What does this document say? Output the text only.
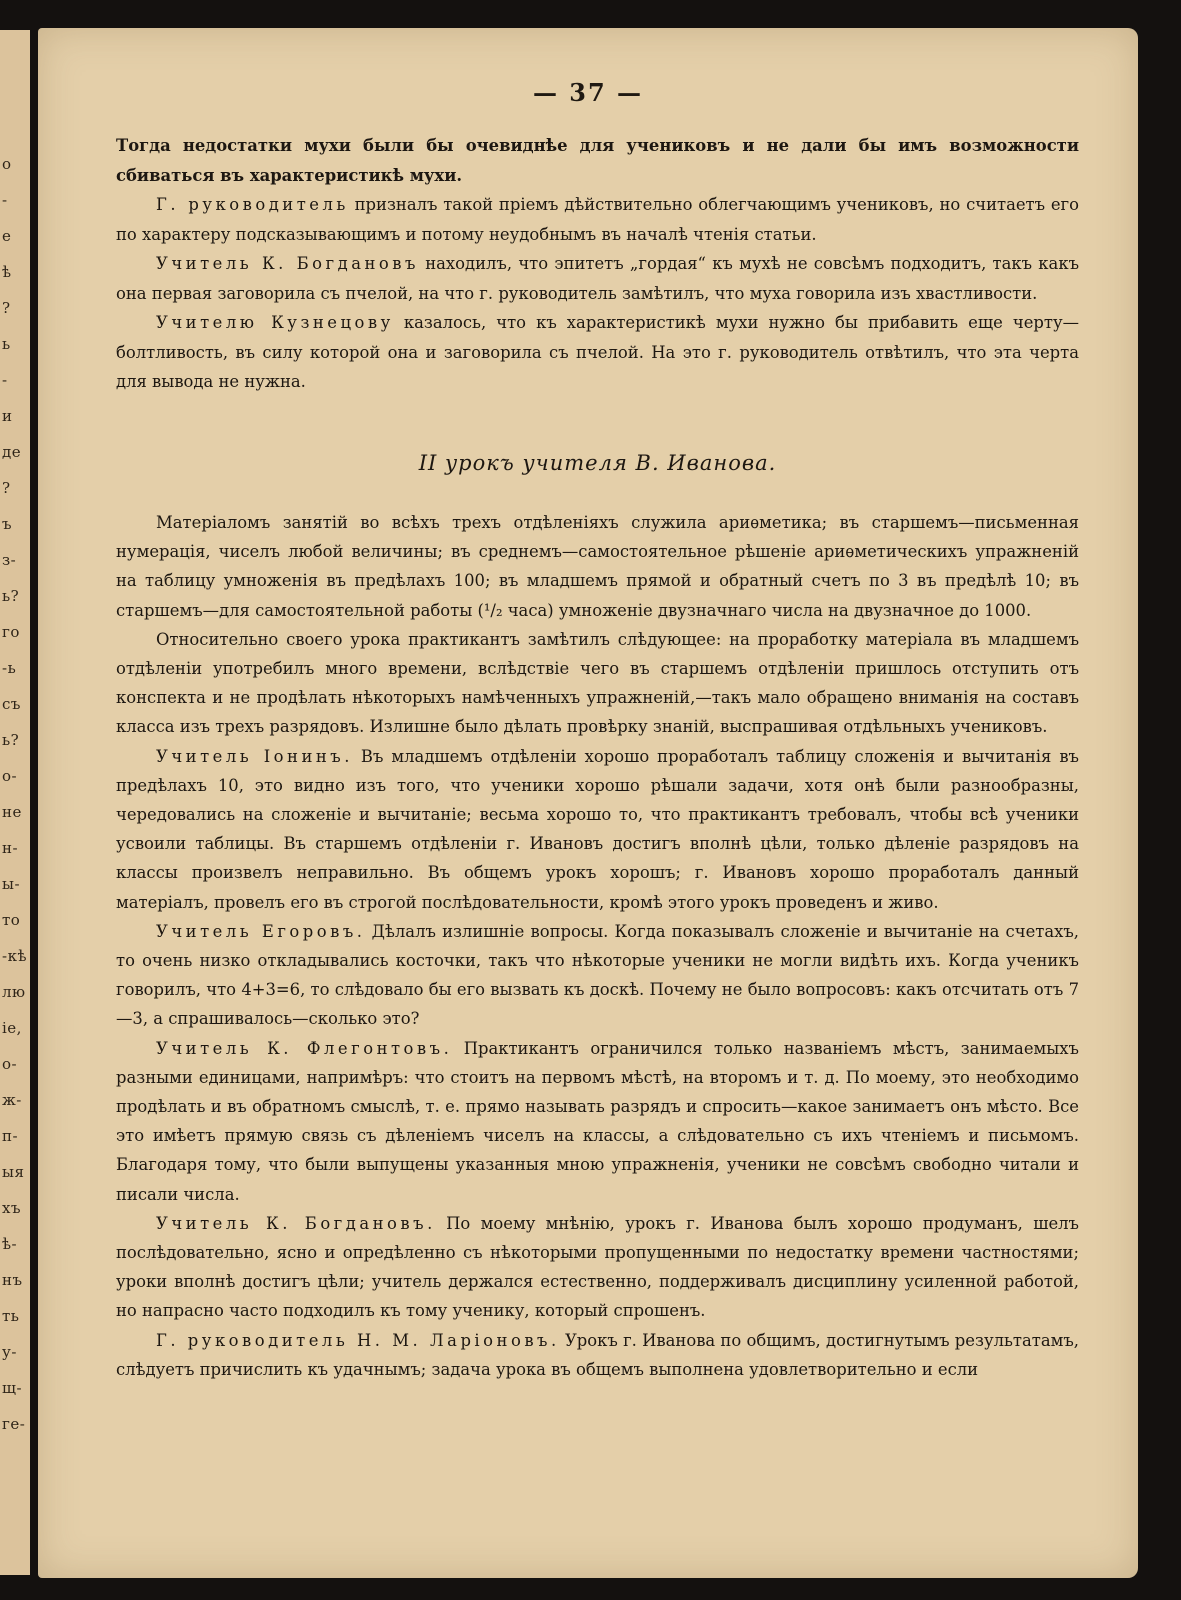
о
-
е
ѣ
?
ь
-
и
де
?
ъ
з-
ь?
го
-ь
съ
ь?
о-
не
н-
ы-
то
-кѣ
лю
ie,
о-
ж-
п-
ыя
хъ
ѣ-
нъ
ть
у-
щ-
ге-
— 37 —

Тогда недостатки мухи были бы очевиднѣе для учениковъ и не дали бы имъ возможности сбиваться въ характеристикѣ мухи.

Г. руководитель призналъ такой пріемъ дѣйствительно облегчающимъ учениковъ, но считаетъ его по характеру подсказывающимъ и потому неудобнымъ въ началѣ чтенія статьи.

Учитель К. Богдановъ находилъ, что эпитетъ „гордая“ къ мухѣ не совсѣмъ подходитъ, такъ какъ она первая заговорила съ пчелой, на что г. руководитель замѣтилъ, что муха говорила изъ хвастливости.

Учителю Кузнецову казалось, что къ характеристикѣ мухи нужно бы прибавить еще черту—болтливость, въ силу которой она и заговорила съ пчелой. На это г. руководитель отвѣтилъ, что эта черта для вывода не нужна.

II урокъ учителя В. Иванова.

Матеріаломъ занятій во всѣхъ трехъ отдѣленіяхъ служила ариѳметика; въ старшемъ—письменная нумерація, чиселъ любой величины; въ среднемъ—самостоятельное рѣшеніе ариѳметическихъ упражненій на таблицу умноженія въ предѣлахъ 100; въ младшемъ прямой и обратный счетъ по 3 въ предѣлѣ 10; въ старшемъ—для самостоятельной работы (¹/₂ часа) умноженіе двузначнаго числа на двузначное до 1000.

Относительно своего урока практикантъ замѣтилъ слѣдующее: на проработку матеріала въ младшемъ отдѣленіи употребилъ много времени, вслѣдствіе чего въ старшемъ отдѣленіи пришлось отступить отъ конспекта и не продѣлать нѣкоторыхъ намѣченныхъ упражненій,—такъ мало обращено вниманія на составъ класса изъ трехъ разрядовъ. Излишне было дѣлать провѣрку знаній, выспрашивая отдѣльныхъ учениковъ.

Учитель Іонинъ. Въ младшемъ отдѣленіи хорошо проработалъ таблицу сложенія и вычитанія въ предѣлахъ 10, это видно изъ того, что ученики хорошо рѣшали задачи, хотя онѣ были разнообразны, чередовались на сложеніе и вычитаніе; весьма хорошо то, что практикантъ требовалъ, чтобы всѣ ученики усвоили таблицы. Въ старшемъ отдѣленіи г. Ивановъ достигъ вполнѣ цѣли, только дѣленіе разрядовъ на классы произвелъ неправильно. Въ общемъ урокъ хорошъ; г. Ивановъ хорошо проработалъ данный матеріалъ, провелъ его въ строгой послѣдовательности, кромѣ этого урокъ проведенъ и живо.

Учитель Егоровъ. Дѣлалъ излишніе вопросы. Когда показывалъ сложеніе и вычитаніе на счетахъ, то очень низко откладывались косточки, такъ что нѣкоторые ученики не могли видѣть ихъ. Когда ученикъ говорилъ, что 4+3=6, то слѣдовало бы его вызвать къ доскѣ. Почему не было вопросовъ: какъ отсчитать отъ 7—3, а спрашивалось—сколько это?

Учитель К. Флегонтовъ. Практикантъ ограничился только названіемъ мѣстъ, занимаемыхъ разными единицами, напримѣръ: что стоитъ на первомъ мѣстѣ, на второмъ и т. д. По моему, это необходимо продѣлать и въ обратномъ смыслѣ, т. е. прямо называть разрядъ и спросить—какое занимаетъ онъ мѣсто. Все это имѣетъ прямую связь съ дѣленіемъ чиселъ на классы, а слѣдовательно съ ихъ чтеніемъ и письмомъ. Благодаря тому, что были выпущены указанныя мною упражненія, ученики не совсѣмъ свободно читали и писали числа.

Учитель К. Богдановъ. По моему мнѣнію, урокъ г. Иванова былъ хорошо продуманъ, шелъ послѣдовательно, ясно и опредѣленно съ нѣкоторыми пропущенными по недостатку времени частностями; уроки вполнѣ достигъ цѣли; учитель держался естественно, поддерживалъ дисциплину усиленной работой, но напрасно часто подходилъ къ тому ученику, который спрошенъ.

Г. руководитель Н. М. Ларіоновъ. Урокъ г. Иванова по общимъ, достигнутымъ результатамъ, слѣдуетъ причислить къ удачнымъ; задача урока въ общемъ выполнена удовлетворительно и если
